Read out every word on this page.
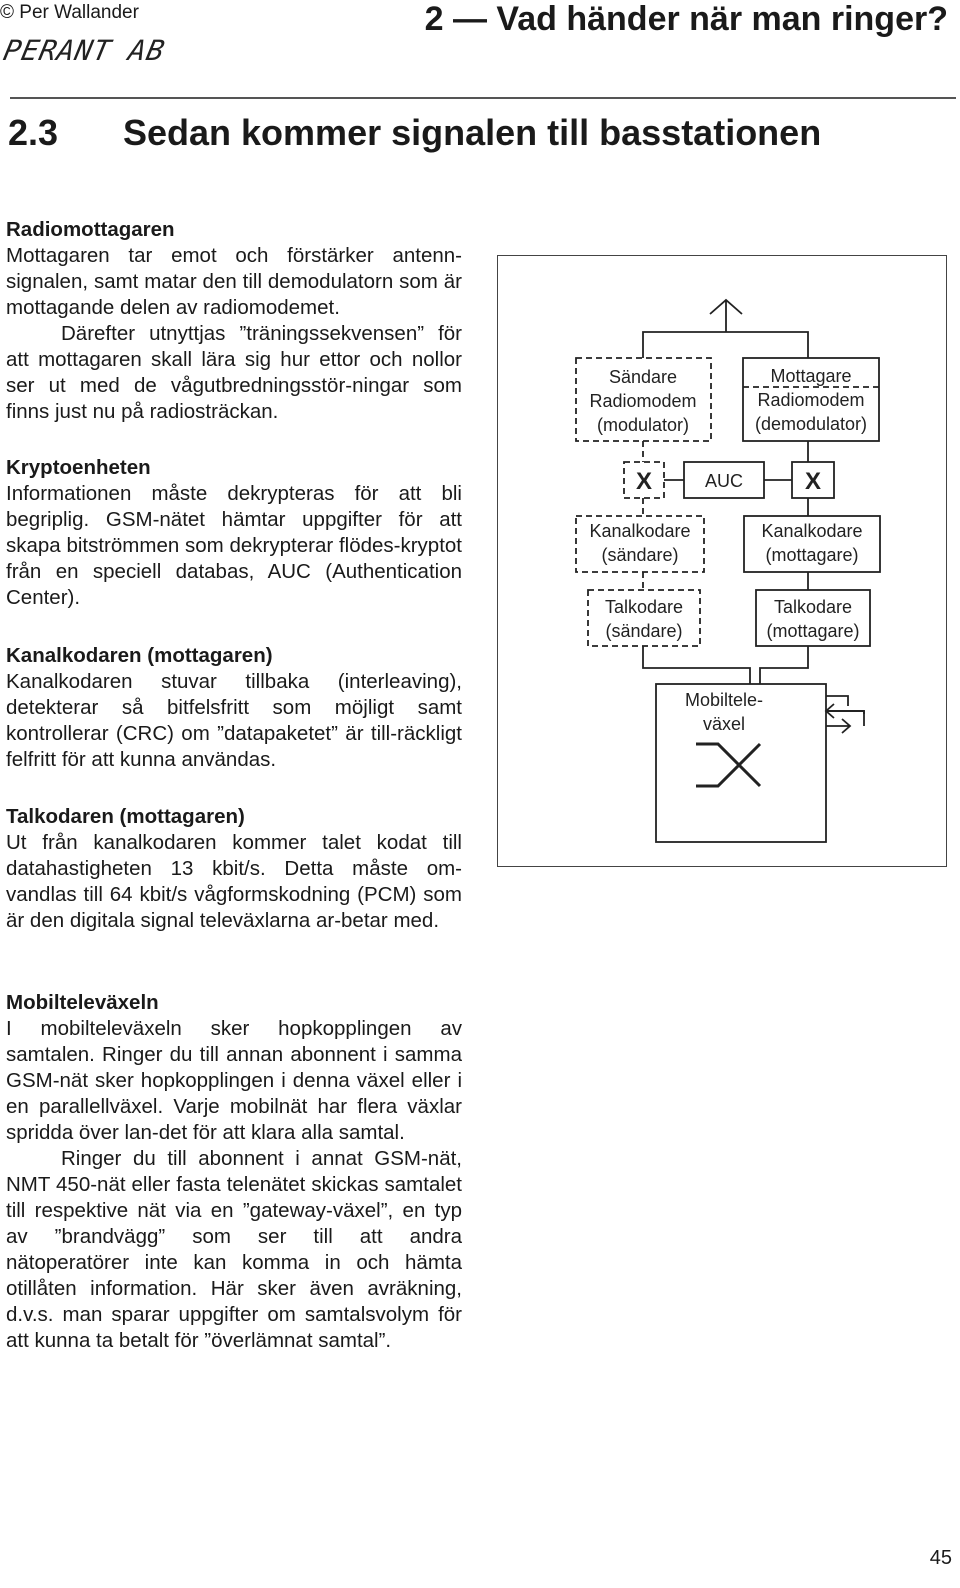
© Per Wallander
PERANT AB
2 — Vad händer när man ringer?
2.3 Sedan kommer signalen till basstationen
Radiomottagaren

Mottagaren tar emot och förstärker antenn-signalen, samt matar den till demodulatorn som är mottagande delen av radiomodemet.

Därefter utnyttjas ”träningssekvensen” för att mottagaren skall lära sig hur ettor och nollor ser ut med de vågutbredningsstör-ningar som finns just nu på radiosträckan.

Kryptoenheten

Informationen måste dekrypteras för att bli begriplig. GSM-nätet hämtar uppgifter för att skapa bitströmmen som dekrypterar flödes-kryptot från en speciell databas, AUC (Authentication Center).

Kanalkodaren (mottagaren)

Kanalkodaren stuvar tillbaka (interleaving), detekterar så bitfelsfritt som möjligt samt kontrollerar (CRC) om ”datapaketet” är till-räckligt felfritt för att kunna användas.

Talkodaren (mottagaren)

Ut från kanalkodaren kommer talet kodat till datahastigheten 13 kbit/s. Detta måste om-vandlas till 64 kbit/s vågformskodning (PCM) som är den digitala signal televäxlarna ar-betar med.

Mobilteleväxeln

I mobilteleväxeln sker hopkopplingen av samtalen. Ringer du till annan abonnent i samma GSM-nät sker hopkopplingen i denna växel eller i en parallellväxel. Varje mobilnät har flera växlar spridda över lan-det för att klara alla samtal.

Ringer du till abonnent i annat GSM-nät, NMT 450-nät eller fasta telenätet skickas samtalet till respektive nät via en ”gateway-växel”, en typ av ”brandvägg” som ser till att andra nätoperatörer inte kan komma in och hämta otillåten information. Här sker även avräkning, d.v.s. man sparar uppgifter om samtalsvolym för att kunna ta betalt för ”överlämnat samtal”.

Sändare
Radiomodem
(modulator)
Mottagare
Radiomodem
(demodulator)
X	AUC	X
Kanalkodare
(sändare)
Kanalkodare
(mottagare)
Talkodare
(sändare)
Talkodare
(mottagare)
Mobiltele-
växel
45
